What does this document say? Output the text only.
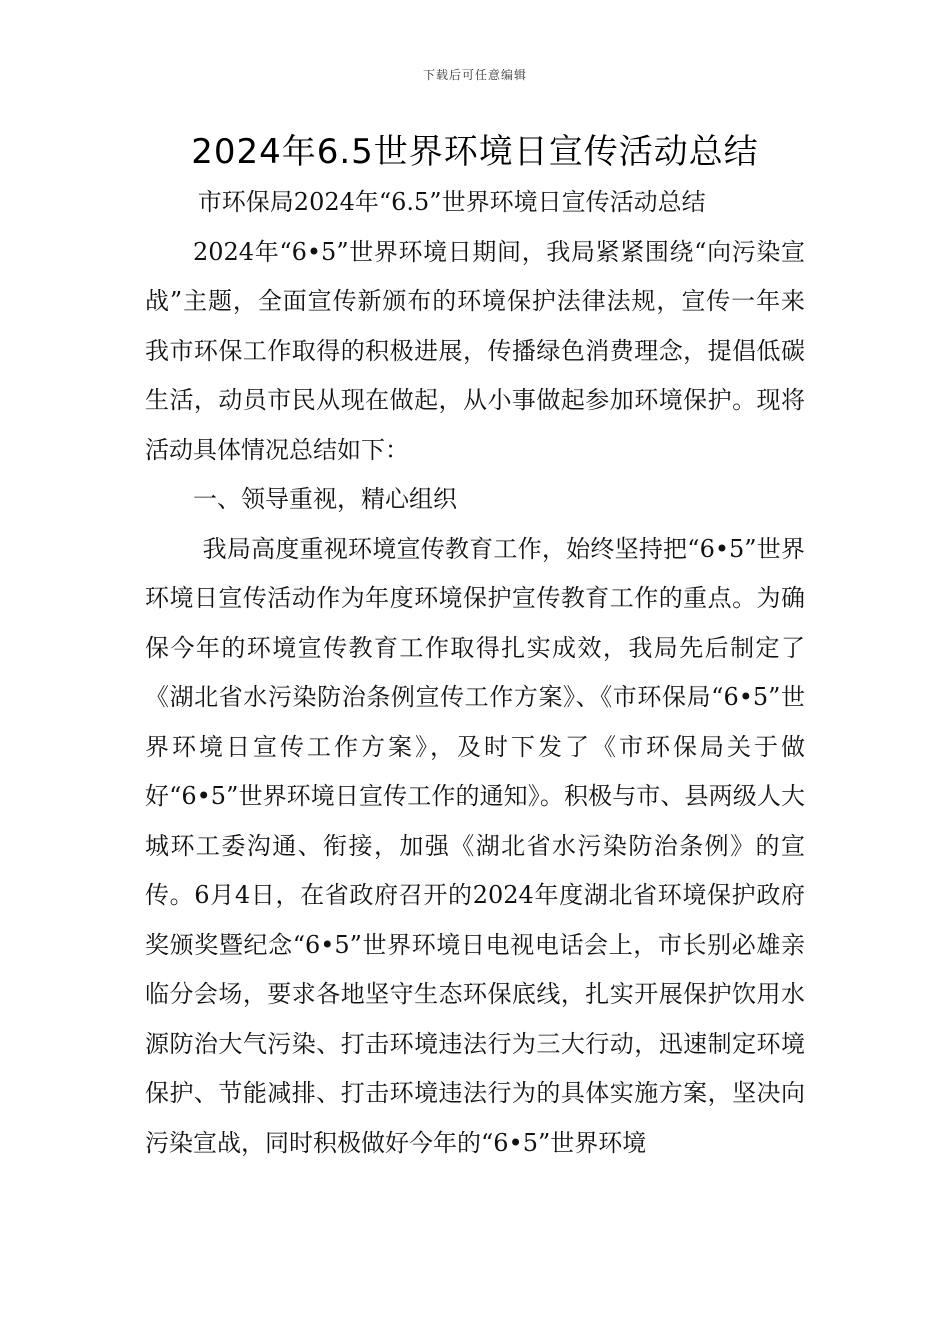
下载后可任意编辑
2024年6.5世界环境日宣传活动总结

市环保局2024年“6.5”世界环境日宣传活动总结

2024年“6•5”世界环境日期间，我局紧紧围绕“向污染宣战”主题，全面宣传新颁布的环境保护法律法规，宣传一年来我市环保工作取得的积极进展，传播绿色消费理念，提倡低碳生活，动员市民从现在做起，从小事做起参加环境保护。现将活动具体情况总结如下：

一、领导重视，精心组织

我局高度重视环境宣传教育工作，始终坚持把“6•5”世界环境日宣传活动作为年度环境保护宣传教育工作的重点。为确保今年的环境宣传教育工作取得扎实成效，我局先后制定了《湖北省水污染防治条例宣传工作方案》、《市环保局“6•5”世界环境日宣传工作方案》，及时下发了《市环保局关于做好“6•5”世界环境日宣传工作的通知》。积极与市、县两级人大城环工委沟通、衔接，加强《湖北省水污染防治条例》的宣传。6月4日，在省政府召开的2024年度湖北省环境保护政府奖颁奖暨纪念“6•5”世界环境日电视电话会上，市长别必雄亲临分会场，要求各地坚守生态环保底线，扎实开展保护饮用水源防治大气污染、打击环境违法行为三大行动，迅速制定环境保护、节能减排、打击环境违法行为的具体实施方案，坚决向污染宣战，同时积极做好今年的“6•5”世界环境
